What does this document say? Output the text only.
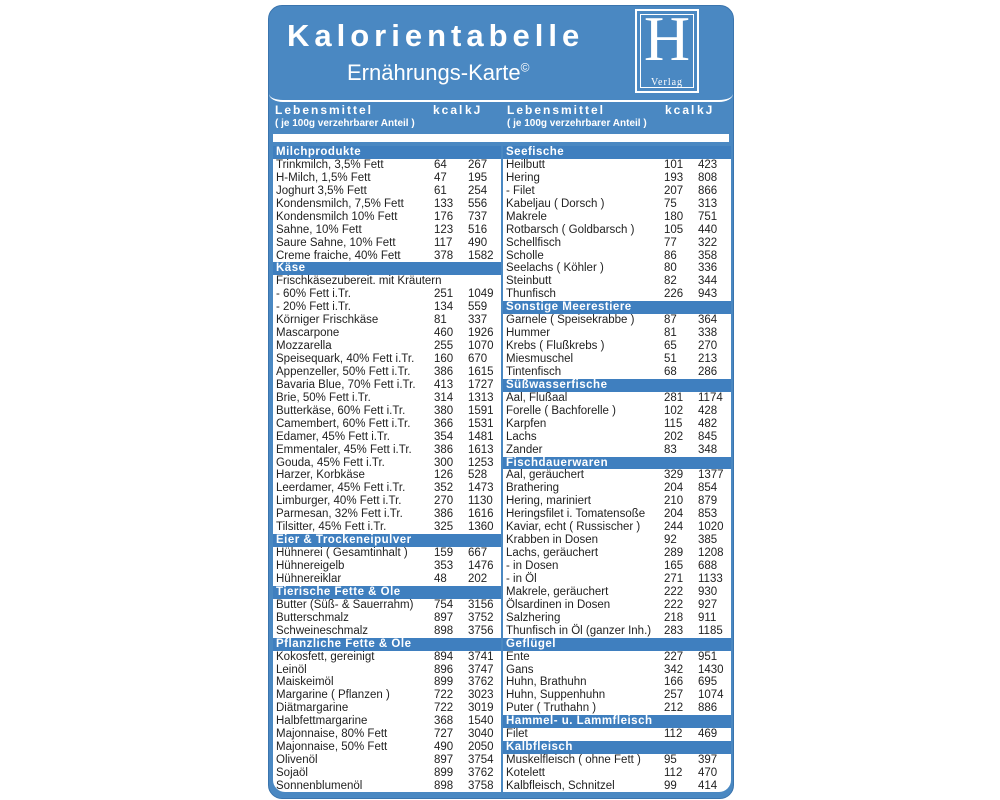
Kalorientabelle
Ernährungs-Karte© H
Verlag
Lebensmittel	kcal kJ
( je 100g verzehrbarer Anteil )
Lebensmittel	kcal kJ
( je 100g verzehrbarer Anteil )
Milchprodukte
Trinkmilch, 3,5% Fett	64	267
H-Milch, 1,5% Fett	47	195
Joghurt 3,5% Fett	61	254
Kondensmilch, 7,5% Fett	133	556
Kondensmilch 10% Fett	176	737
Sahne, 10% Fett	123	516
Saure Sahne, 10% Fett	117	490
Creme fraiche, 40% Fett	378	1582
Käse
Frischkäsezubereit. mit Kräutern
- 60% Fett i.Tr.	251	1049
- 20% Fett i.Tr.	134	559
Körniger Frischkäse	81	337
Mascarpone	460	1926
Mozzarella	255	1070
Speisequark, 40% Fett i.Tr.	160	670
Appenzeller, 50% Fett i.Tr.	386	1615
Bavaria Blue, 70% Fett i.Tr.	413	1727
Brie, 50% Fett i.Tr.	314	1313
Butterkäse, 60% Fett i.Tr.	380	1591
Camembert, 60% Fett i.Tr.	366	1531
Edamer, 45% Fett i.Tr.	354	1481
Emmentaler, 45% Fett i.Tr.	386	1613
Gouda, 45% Fett i.Tr.	300	1253
Harzer, Korbkäse	126	528
Leerdamer, 45% Fett i.Tr.	352	1473
Limburger, 40% Fett i.Tr.	270	1130
Parmesan, 32% Fett i.Tr.	386	1616
Tilsitter, 45% Fett i.Tr.	325	1360
Eier & Trockeneipulver
Hühnerei ( Gesamtinhalt )	159	667
Hühnereigelb	353	1476
Hühnereiklar	48	202
Tierische Fette & Öle
Butter (Süß- & Sauerrahm)	754	3156
Butterschmalz	897	3752
Schweineschmalz	898	3756
Pflanzliche Fette & Öle
Kokosfett, gereinigt	894	3741
Leinöl	896	3747
Maiskeimöl	899	3762
Margarine ( Pflanzen )	722	3023
Diätmargarine	722	3019
Halbfettmargarine	368	1540
Majonnaise, 80% Fett	727	3040
Majonnaise, 50% Fett	490	2050
Olivenöl	897	3754
Sojaöl	899	3762
Sonnenblumenöl	898	3758
Seefische
Heilbutt	101	423
Hering	193	808
- Filet	207	866
Kabeljau ( Dorsch )	75	313
Makrele	180	751
Rotbarsch ( Goldbarsch )	105	440
Schellfisch	77	322
Scholle	86	358
Seelachs ( Köhler )	80	336
Steinbutt	82	344
Thunfisch	226	943
Sonstige Meerestiere
Garnele ( Speisekrabbe )	87	364
Hummer	81	338
Krebs ( Flußkrebs )	65	270
Miesmuschel	51	213
Tintenfisch	68	286
Süßwasserfische
Aal, Flußaal	281	1174
Forelle ( Bachforelle )	102	428
Karpfen	115	482
Lachs	202	845
Zander	83	348
Fischdauerwaren
Aal, geräuchert	329	1377
Brathering	204	854
Hering, mariniert	210	879
Heringsfilet i. Tomatensoße	204	853
Kaviar, echt ( Russischer )	244	1020
Krabben in Dosen	92	385
Lachs, geräuchert	289	1208
- in Dosen	165	688
- in Öl	271	1133
Makrele, geräuchert	222	930
Ölsardinen in Dosen	222	927
Salzhering	218	911
Thunfisch in Öl (ganzer Inh.)	283	1185
Geflügel
Ente	227	951
Gans	342	1430
Huhn, Brathuhn	166	695
Huhn, Suppenhuhn	257	1074
Puter ( Truthahn )	212	886
Hammel- u. Lammfleisch
Filet	112	469
Kalbfleisch
Muskelfleisch ( ohne Fett )	95	397
Kotelett	112	470
Kalbfleisch, Schnitzel	99	414
